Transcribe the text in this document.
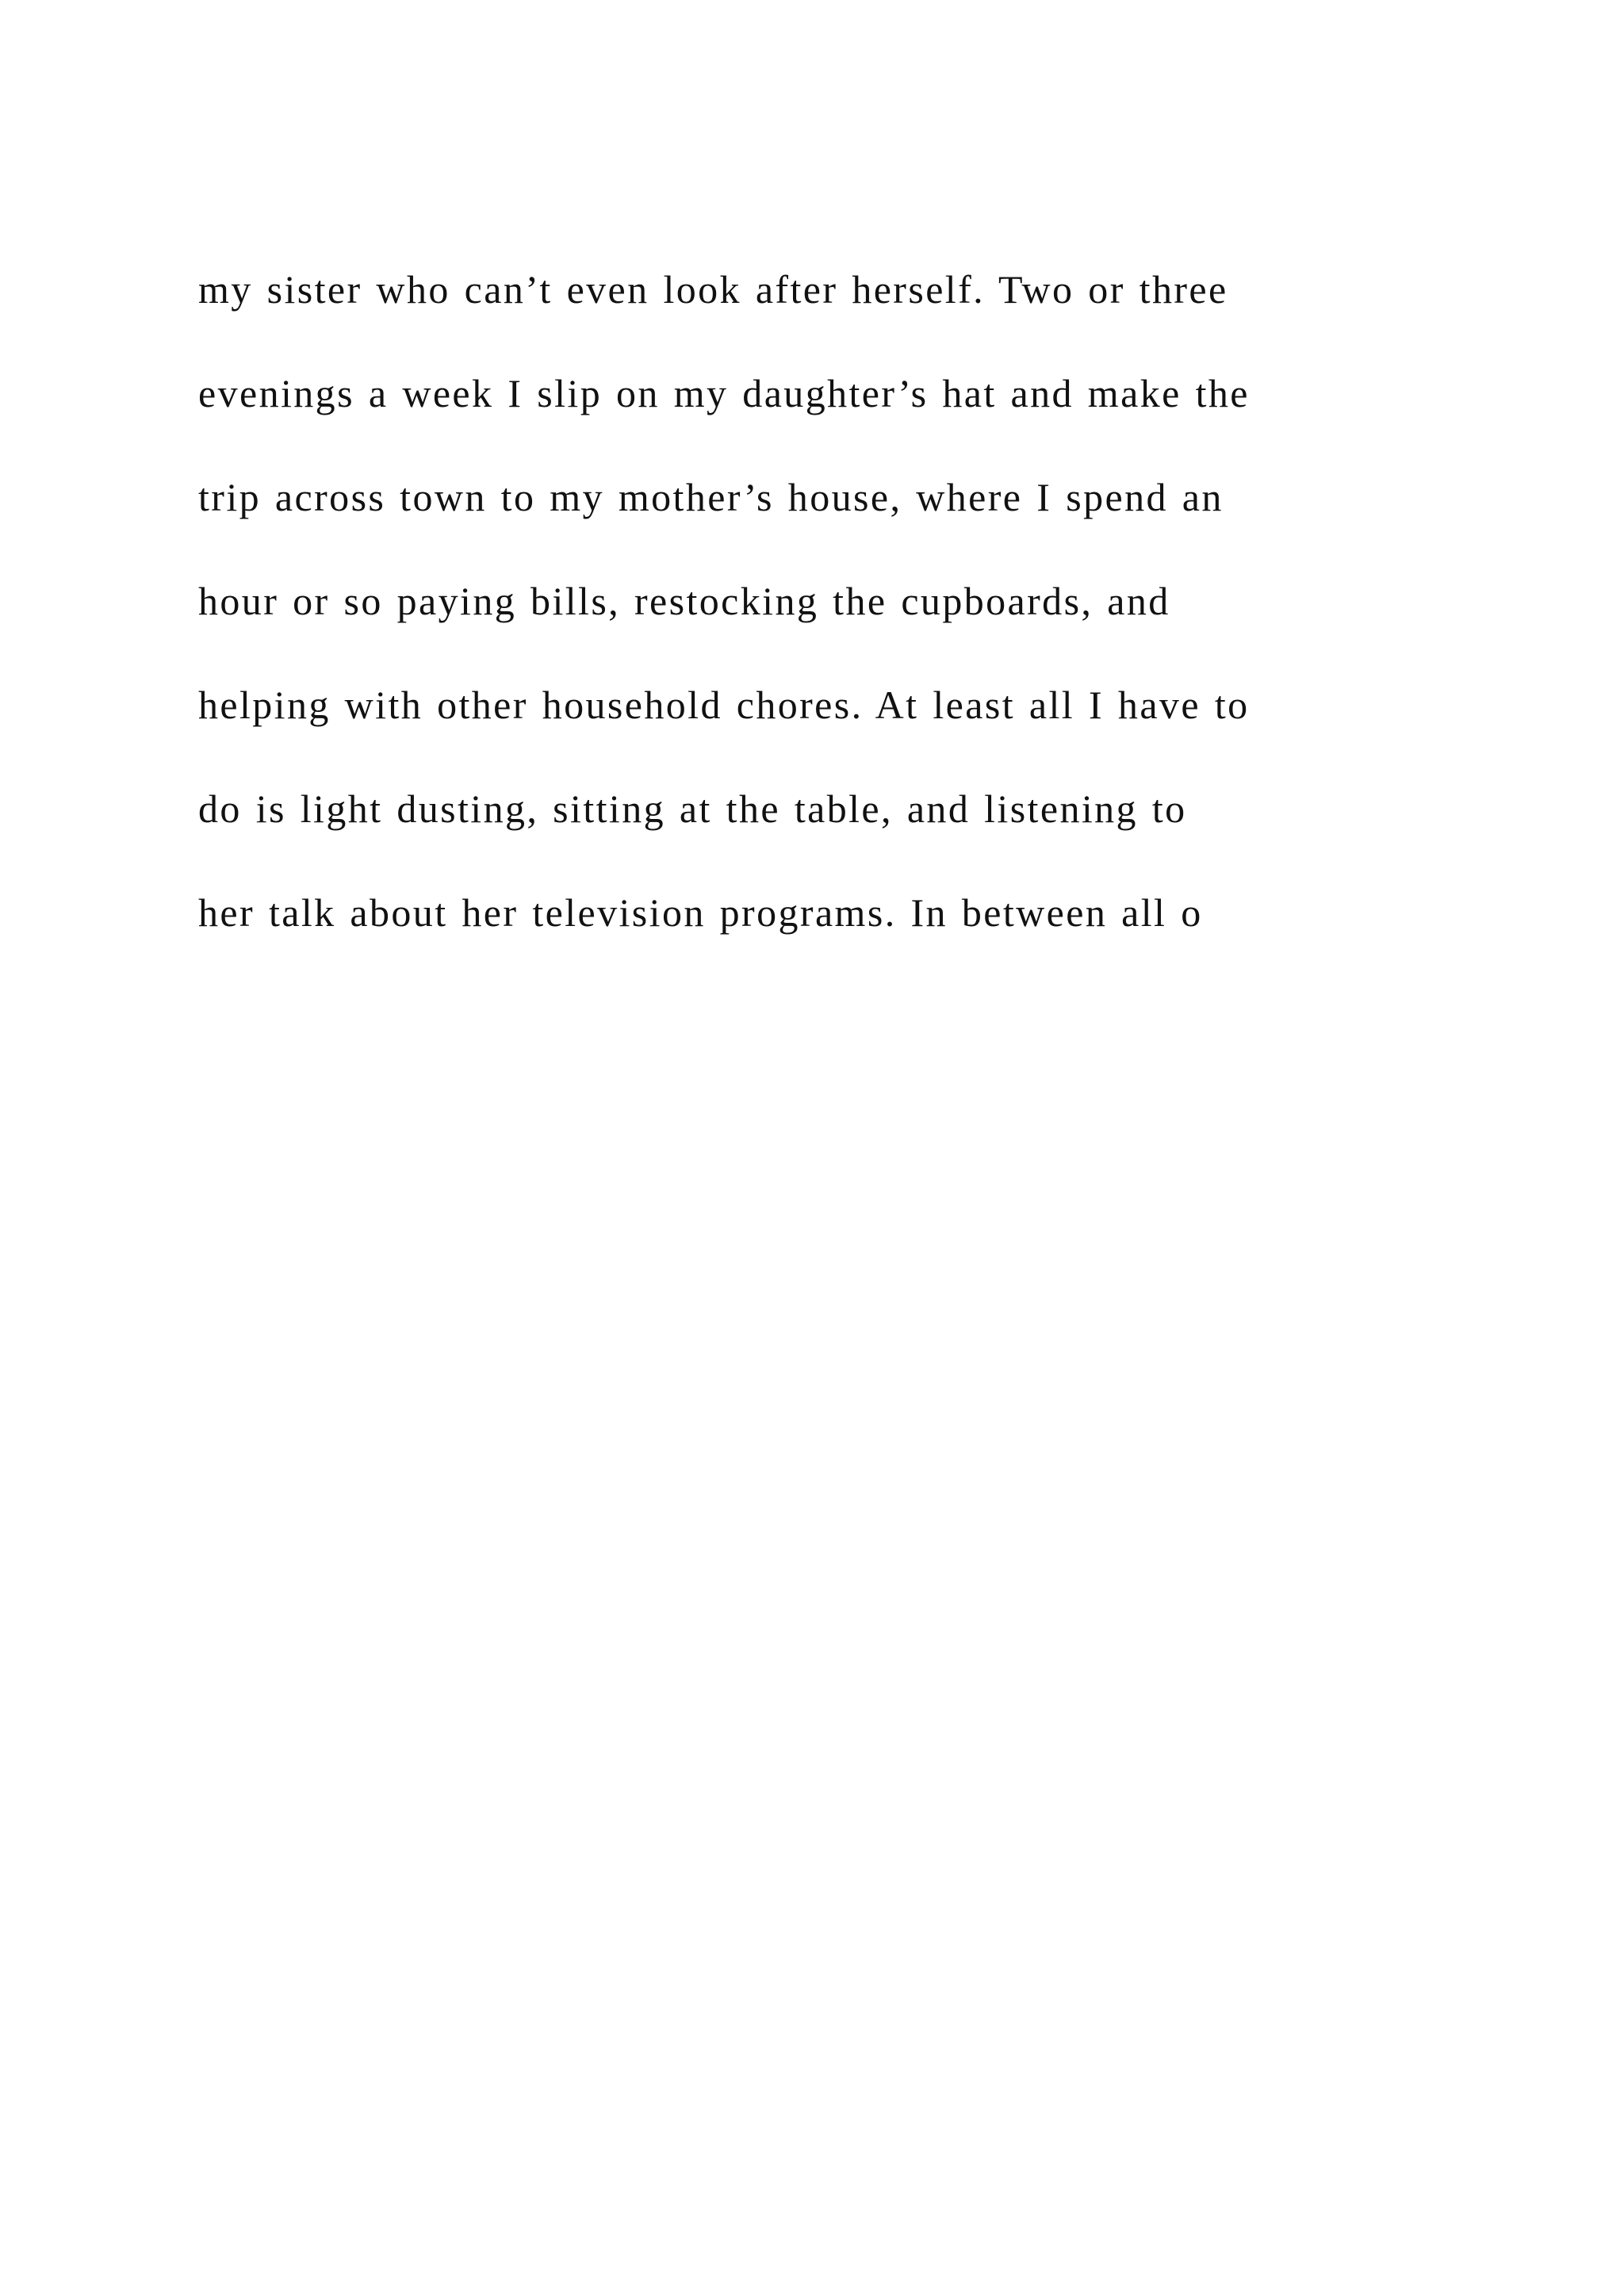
my sister who can’t even look after herself. Two or three
evenings a week I slip on my daughter’s hat and make the
trip across town to my mother’s house, where I spend an
hour or so paying bills, restocking the cupboards, and
helping with other household chores. At least all I have to
do is light dusting, sitting at the table, and listening to
her talk about her television programs. In between all o
